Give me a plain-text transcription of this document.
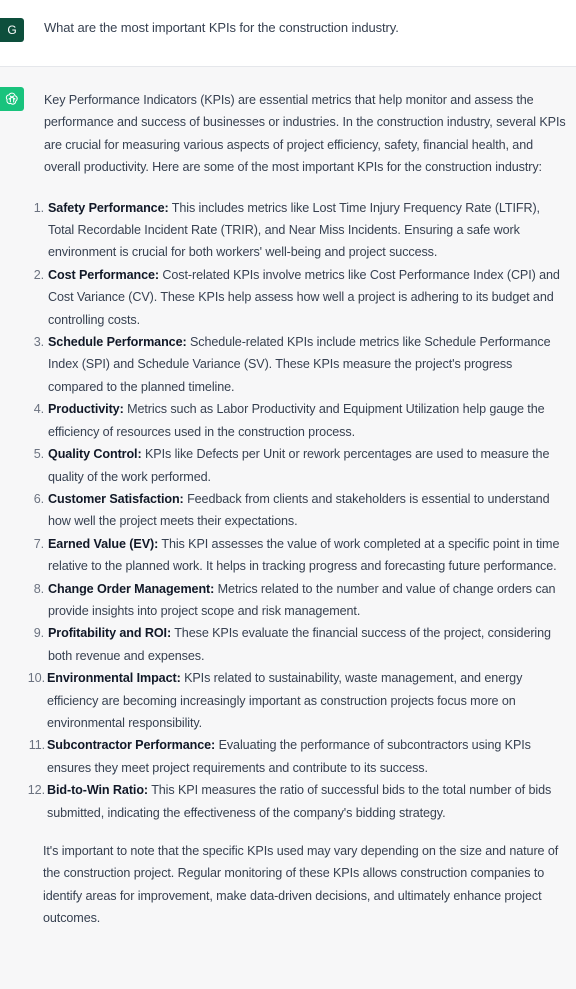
G	What are the most important KPIs for the construction industry.

Key Performance Indicators (KPIs) are essential metrics that help monitor and assess the performance and success of businesses or industries. In the construction industry, several KPIs are crucial for measuring various aspects of project efficiency, safety, financial health, and overall productivity. Here are some of the most important KPIs for the construction industry:

1. Safety Performance: This includes metrics like Lost Time Injury Frequency Rate (LTIFR), Total Recordable Incident Rate (TRIR), and Near Miss Incidents. Ensuring a safe work environment is crucial for both workers' well-being and project success.
2. Cost Performance: Cost-related KPIs involve metrics like Cost Performance Index (CPI) and Cost Variance (CV). These KPIs help assess how well a project is adhering to its budget and controlling costs.
3. Schedule Performance: Schedule-related KPIs include metrics like Schedule Performance Index (SPI) and Schedule Variance (SV). These KPIs measure the project's progress compared to the planned timeline.
4. Productivity: Metrics such as Labor Productivity and Equipment Utilization help gauge the efficiency of resources used in the construction process.
5. Quality Control: KPIs like Defects per Unit or rework percentages are used to measure the quality of the work performed.
6. Customer Satisfaction: Feedback from clients and stakeholders is essential to understand how well the project meets their expectations.
7. Earned Value (EV): This KPI assesses the value of work completed at a specific point in time relative to the planned work. It helps in tracking progress and forecasting future performance.
8. Change Order Management: Metrics related to the number and value of change orders can provide insights into project scope and risk management.
9. Profitability and ROI: These KPIs evaluate the financial success of the project, considering both revenue and expenses.
10. Environmental Impact: KPIs related to sustainability, waste management, and energy efficiency are becoming increasingly important as construction projects focus more on environmental responsibility.
11. Subcontractor Performance: Evaluating the performance of subcontractors using KPIs ensures they meet project requirements and contribute to its success.
12. Bid-to-Win Ratio: This KPI measures the ratio of successful bids to the total number of bids submitted, indicating the effectiveness of the company's bidding strategy.

It's important to note that the specific KPIs used may vary depending on the size and nature of the construction project. Regular monitoring of these KPIs allows construction companies to identify areas for improvement, make data-driven decisions, and ultimately enhance project outcomes.
